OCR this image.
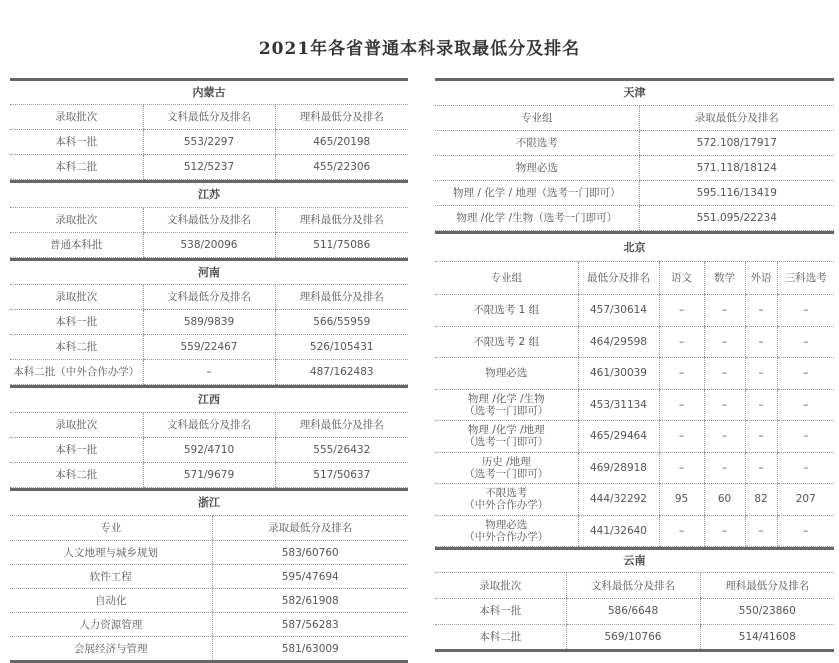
2021年各省普通本科录取最低分及排名
内蒙古		
录取批次	文科最低分及排名	理科最低分及排名
本科一批	553/2297	465/20198
本科二批	512/5237	455/22306
江苏		
录取批次	文科最低分及排名	理科最低分及排名
普通本科批	538/20096	511/75086
河南		
录取批次	文科最低分及排名	理科最低分及排名
本科一批	589/9839	566/55959
本科二批	559/22467	526/105431
本科二批（中外合作办学）	–	487/162483
江西		
录取批次	文科最低分及排名	理科最低分及排名
本科一批	592/4710	555/26432
本科二批	571/9679	517/50637
浙江	
专业	录取最低分及排名
人文地理与城乡规划	583/60760
软件工程	595/47694
自动化	582/61908
人力资源管理	587/56283
会展经济与管理	581/63009
天津	
专业组	录取最低分及排名
不限选考	572.108/17917
物理必选	571.118/18124
物理 / 化学 / 地理（选考一门即可）	595.116/13419
物理 /化学 /生物（选考一门即可）	551.095/22234
北京					
专业组	最低分及排名	语文	数学	外语	三科选考
不限选考 1 组	457/30614	–	–	–	–
不限选考 2 组	464/29598	–	–	–	–
物理必选	461/30039	–	–	–	–
物理 /化学 /生物
（选考一门即可）	453/31134	–	–	–	–
物理 /化学 /地理
（选考一门即可）	465/29464	–	–	–	–
历史 /地理
（选考一门即可）	469/28918	–	–	–	–
不限选考
（中外合作办学）	444/32292	95	60	82	207
物理必选
（中外合作办学）	441/32640	–	–	–	–
云南		
录取批次	文科最低分及排名	理科最低分及排名
本科一批	586/6648	550/23860
本科二批	569/10766	514/41608
